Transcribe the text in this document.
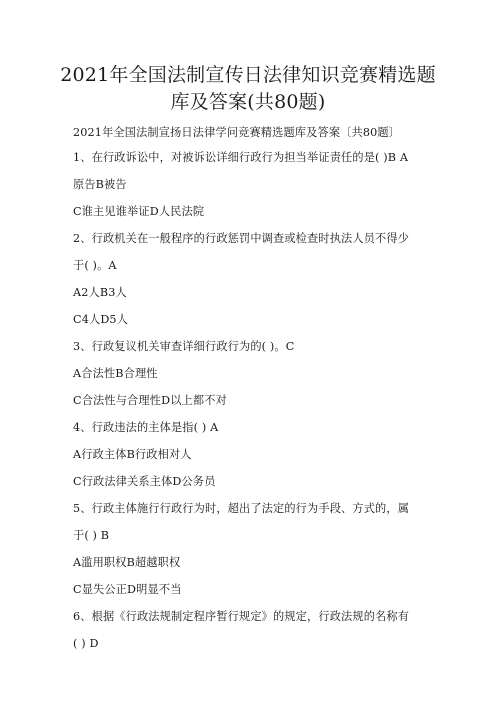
2021年全国法制宣传日法律知识竞赛精选题
库及答案(共80题)
2021年全国法制宣扬日法律学问竞赛精选题库及答案〔共80题〕
1、在行政诉讼中，对被诉讼详细行政行为担当举证责任的是( )B A
原告B被告
C谁主见谁举证D人民法院
2、行政机关在一般程序的行政惩罚中调查或检查时执法人员不得少
于( )。A
A2人B3人
C4人D5人
3、行政复议机关审查详细行政行为的( )。C
A合法性B合理性
C合法性与合理性D以上都不对
4、行政违法的主体是指( ) A
A行政主体B行政相对人
C行政法律关系主体D公务员
5、行政主体施行行政行为时，超出了法定的行为手段、方式的，属
于( ) B
A滥用职权B超越职权
C显失公正D明显不当
6、根据《行政法规制定程序暂行规定》的规定，行政法规的名称有
( ) D
